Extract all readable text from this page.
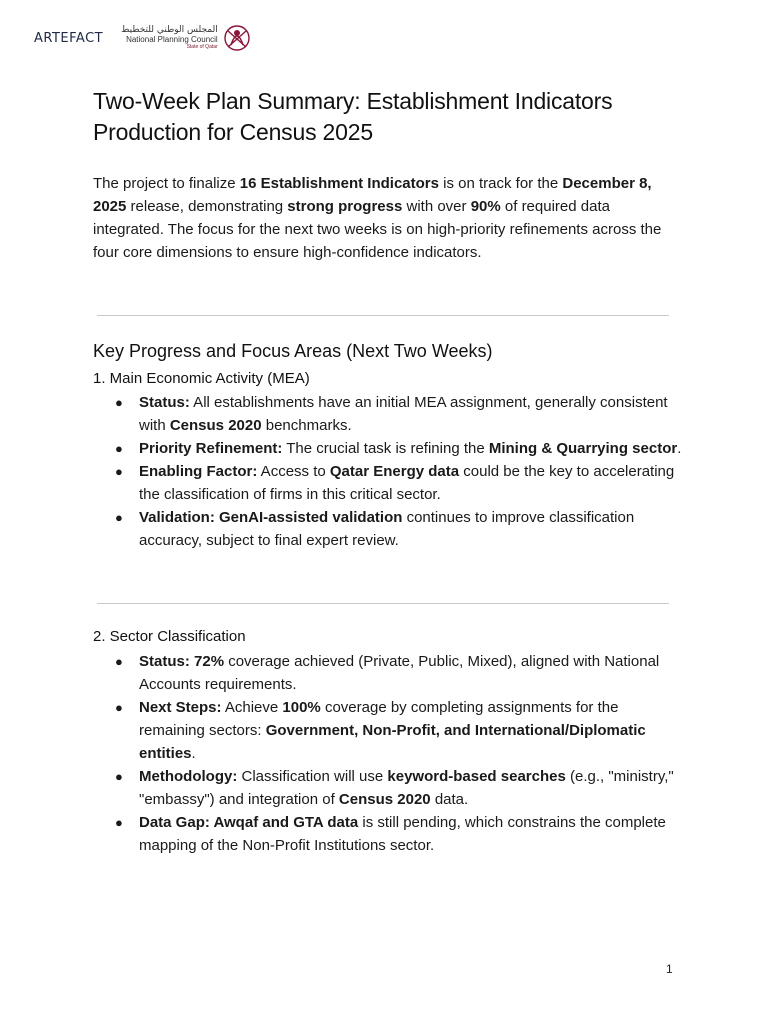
ARTEFACT
المجلس الوطني للتخطيط
National Planning Council
State of Qatar
Two-Week Plan Summary: Establishment Indicators Production for Census 2025
The project to finalize 16 Establishment Indicators is on track for the December 8, 2025 release, demonstrating strong progress with over 90% of required data integrated. The focus for the next two weeks is on high-priority refinements across the four core dimensions to ensure high-confidence indicators.
Key Progress and Focus Areas (Next Two Weeks)
1. Main Economic Activity (MEA)
● Status: All establishments have an initial MEA assignment, generally consistent with Census 2020 benchmarks.
● Priority Refinement: The crucial task is refining the Mining & Quarrying sector.
● Enabling Factor: Access to Qatar Energy data could be the key to accelerating the classification of firms in this critical sector.
● Validation: GenAI-assisted validation continues to improve classification accuracy, subject to final expert review.
2. Sector Classification
● Status: 72% coverage achieved (Private, Public, Mixed), aligned with National Accounts requirements.
● Next Steps: Achieve 100% coverage by completing assignments for the remaining sectors: Government, Non-Profit, and International/Diplomatic entities.
● Methodology: Classification will use keyword-based searches (e.g., "ministry," "embassy") and integration of Census 2020 data.
● Data Gap: Awqaf and GTA data is still pending, which constrains the complete mapping of the Non-Profit Institutions sector.
1
